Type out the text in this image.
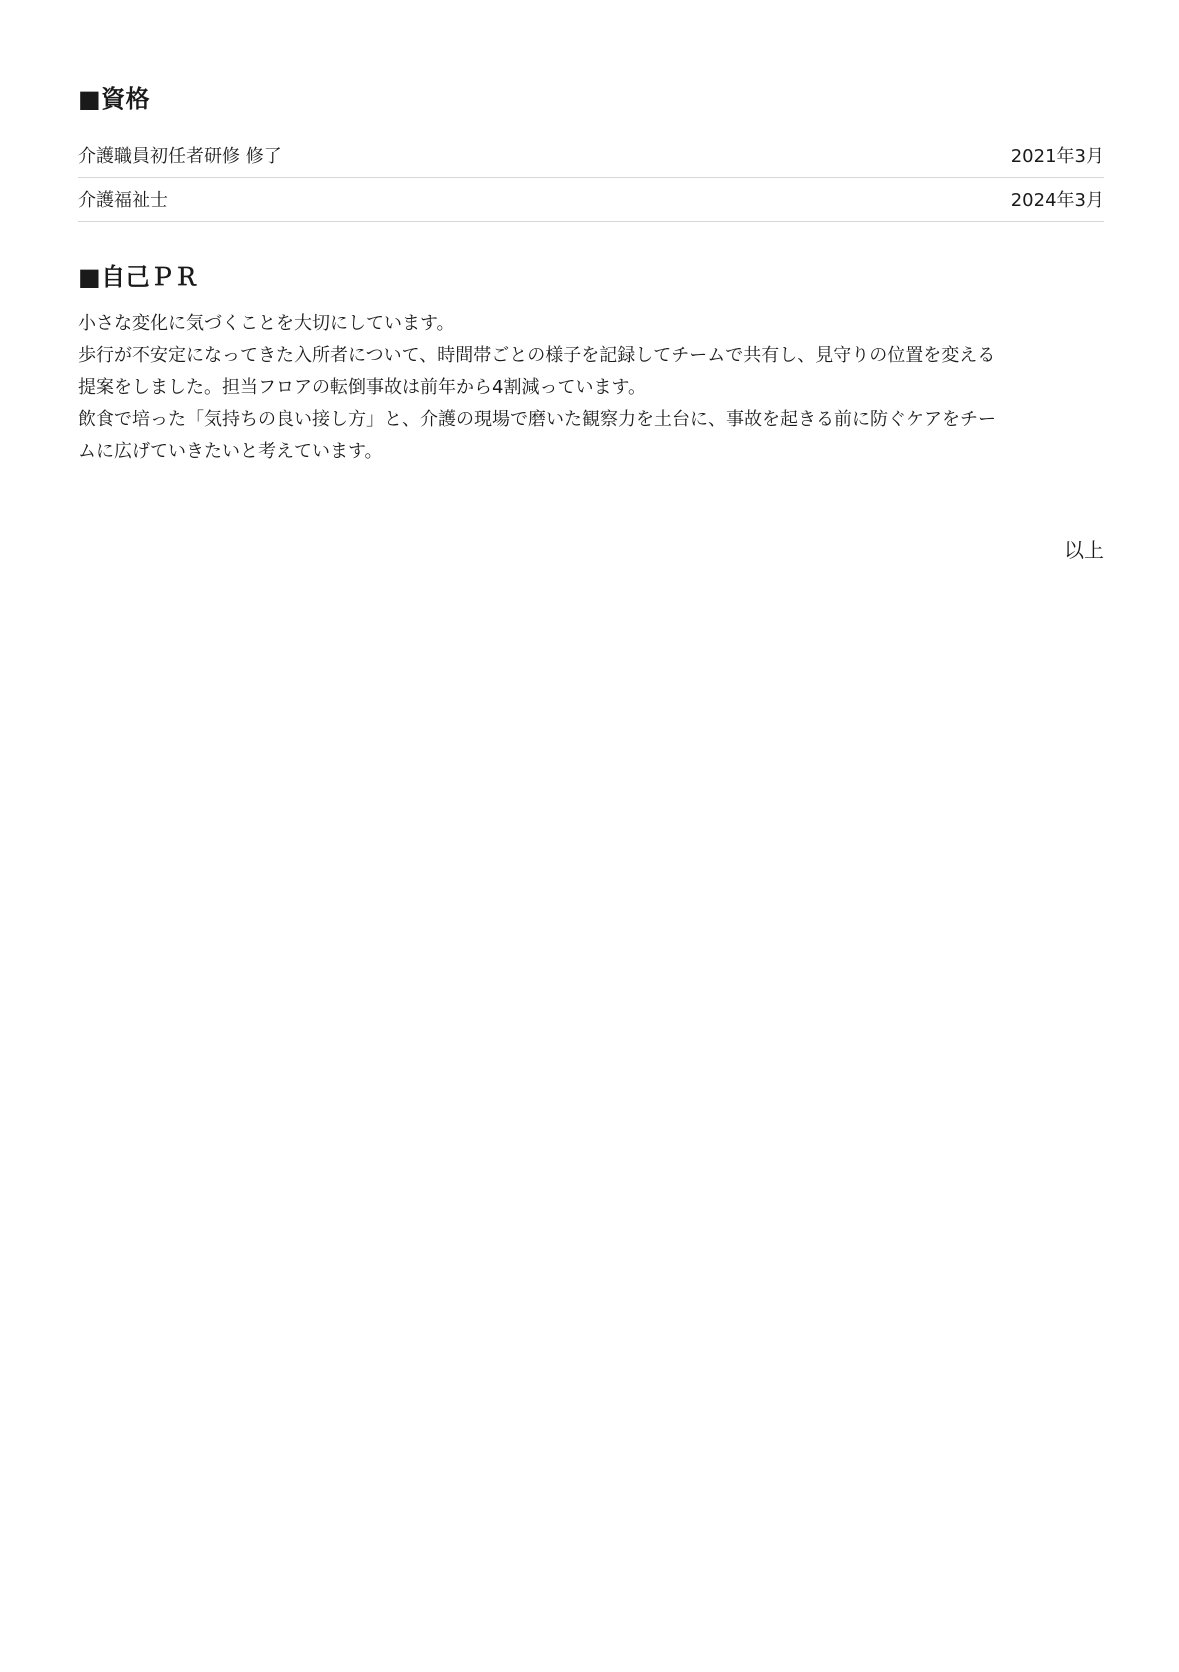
■資格
介護職員初任者研修 修了	2021年3月
介護福祉士	2024年3月
■自己ＰＲ
小さな変化に気づくことを大切にしています。
歩行が不安定になってきた入所者について、時間帯ごとの様子を記録してチームで共有し、見守りの位置を変える
提案をしました。担当フロアの転倒事故は前年から4割減っています。
飲食で培った「気持ちの良い接し方」と、介護の現場で磨いた観察力を土台に、事故を起きる前に防ぐケアをチー
ムに広げていきたいと考えています。
以上
